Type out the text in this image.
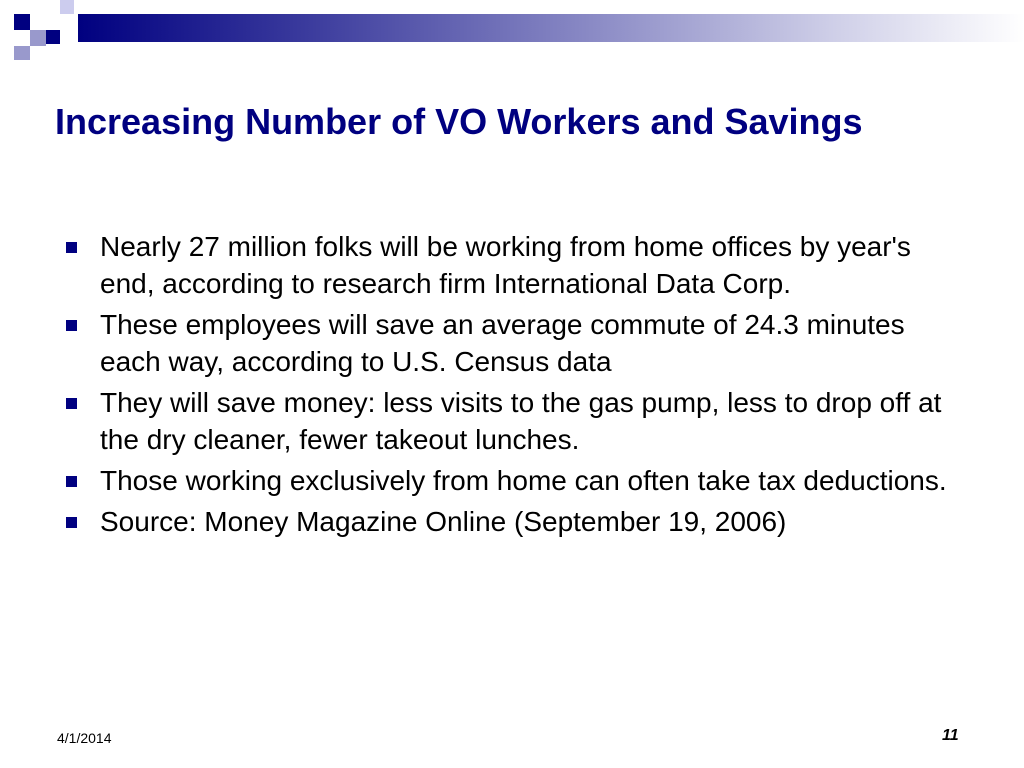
Increasing Number of VO Workers and Savings
Nearly 27 million folks will be working from home offices by year's end, according to research firm International Data Corp.
These employees will save an average commute of 24.3 minutes each way, according to U.S. Census data
They will save money: less visits to the gas pump, less to drop off at the dry cleaner, fewer takeout lunches.
Those working exclusively from home can often take tax deductions.
Source: Money Magazine Online (September 19, 2006)
4/1/2014	11
